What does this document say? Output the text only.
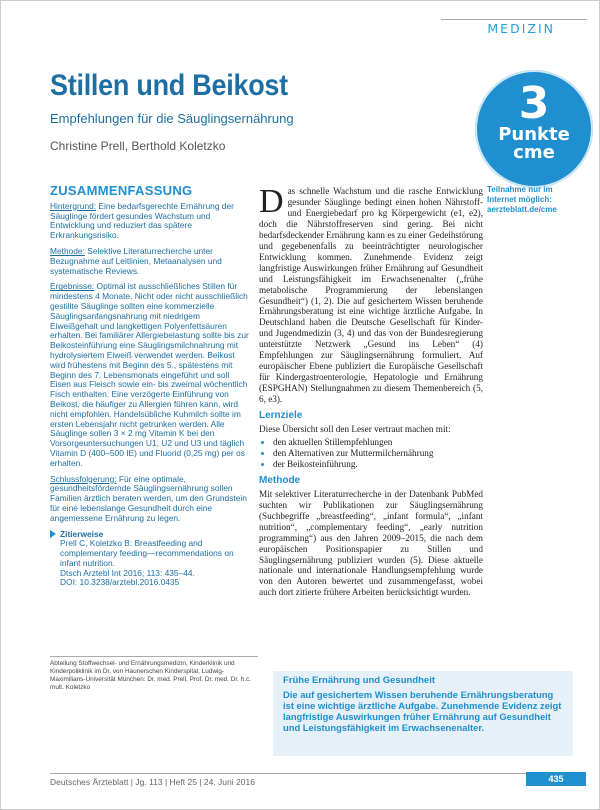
MEDIZIN
Stillen und Beikost
Empfehlungen für die Säuglingsernährung
Christine Prell, Berthold Koletzko
3
Punkte
cme
Teilnahme nur im
Internet möglich:
aerzteblatt.de/cme
ZUSAMMENFASSUNG

Hintergrund: Eine bedarfsgerechte Ernährung der Säuglinge fördert gesundes Wachstum und Entwicklung und reduziert das spätere Erkrankungsrisiko.

Methode: Selektive Literaturrecherche unter Bezugnahme auf Leitlinien, Metaanalysen und systematische Reviews.

Ergebnisse: Optimal ist ausschließliches Stillen für mindestens 4 Monate. Nicht oder nicht ausschließlich gestillte Säuglinge sollten eine kommerzielle Säuglingsanfangsnahrung mit niedrigem Eiweißgehalt und langkettigen Polyenfettsäuren erhalten. Bei familiärer Allergiebelastung sollte bis zur Beikosteinführung eine Säuglingsmilchnahrung mit hydrolysiertem Eiweiß verwendet werden. Beikost wird frühestens mit Beginn des 5., spätestens mit Beginn des 7. Lebensmonats eingeführt und soll Eisen aus Fleisch sowie ein- bis zweimal wöchentlich Fisch enthalten. Eine verzögerte Einführung von Beikost, die häufiger zu Allergien führen kann, wird nicht empfohlen. Handelsübliche Kuhmilch sollte im ersten Lebensjahr nicht getrunken werden. Alle Säuglinge sollen 3 × 2 mg Vitamin K bei den Vorsorgeuntersuchungen U1, U2 und U3 und täglich Vitamin D (400–500 IE) und Fluorid (0,25 mg) per os erhalten.

Schlussfolgerung: Für eine optimale, gesundheitsfördernde Säuglingsernährung sollen Familien ärztlich beraten werden, um den Grundstein für eine lebenslange Gesundheit durch eine angemessene Ernährung zu legen.

Zitierweise
Prell C, Koletzko B: Breastfeeding and complementary feeding—recommendations on infant nutrition.
Dtsch Arztebl Int 2016; 113: 435–44.
DOI: 10.3238/arztebl.2016.0435

Das schnelle Wachstum und die rasche Entwicklung gesunder Säuglinge bedingt einen hohen Nährstoff- und Energiebedarf pro kg Körpergewicht (e1, e2), doch die Nährstoffreserven sind gering. Bei nicht bedarfsdeckender Ernährung kann es zu einer Gedeihstörung und gegebenenfalls zu beeinträchtigter neurologischer Entwicklung kommen. Zunehmende Evidenz zeigt langfristige Auswirkungen früher Ernährung auf Gesundheit und Leistungsfähigkeit im Erwachsenenalter („frühe metabolische Programmierung der lebenslangen Gesundheit“) (1, 2). Die auf gesichertem Wissen beruhende Ernährungsberatung ist eine wichtige ärztliche Aufgabe. In Deutschland haben die Deutsche Gesellschaft für Kinder- und Jugendmedizin (3, 4) und das von der Bundesregierung unterstützte Netzwerk „Gesund ins Leben“ (4) Empfehlungen zur Säuglingsernährung formuliert. Auf europäischer Ebene publiziert die Europäische Gesellschaft für Kindergastroenterologie, Hepatologie und Ernährung (ESPGHAN) Stellungnahmen zu diesem Themenbereich (5, 6, e3).

Lernziele

Diese Übersicht soll den Leser vertraut machen mit:

• den aktuellen Stillempfehlungen
• den Alternativen zur Muttermilchernährung
• der Beikosteinführung.
Methode

Mit selektiver Literaturrecherche in der Datenbank PubMed suchten wir Publikationen zur Säuglingsernährung (Suchbegriffe „breastfeeding“, „infant formula“, „infant nutrition“, „complementary feeding“, „early nutrition programming“) aus den Jahren 2009–2015, die nach dem europäischen Positionspapier zu Stillen und Säuglingsernährung publiziert wurden (5). Diese aktuelle nationale und internationale Handlungsempfehlung wurde von den Autoren bewertet und zusammengefasst, wobei auch dort zitierte frühere Arbeiten berücksichtigt wurden.

Abteilung Stoffwechsel- und Ernährungsmedizin, Kinderklinik und Kinderpoliklinik im Dr. von Haunerschen Kinderspital, Ludwig-Maximilians-Universität München: Dr. med. Prell, Prof. Dr. med. Dr. h.c. mult. Koletzko
Frühe Ernährung und Gesundheit

Die auf gesichertem Wissen beruhende Ernährungsberatung ist eine wichtige ärztliche Aufgabe. Zunehmende Evidenz zeigt langfristige Auswirkungen früher Ernährung auf Gesundheit und Leistungsfähigkeit im Erwachsenenalter.

Deutsches Ärzteblatt | Jg. 113 | Heft 25 | 24. Juni 2016	435
